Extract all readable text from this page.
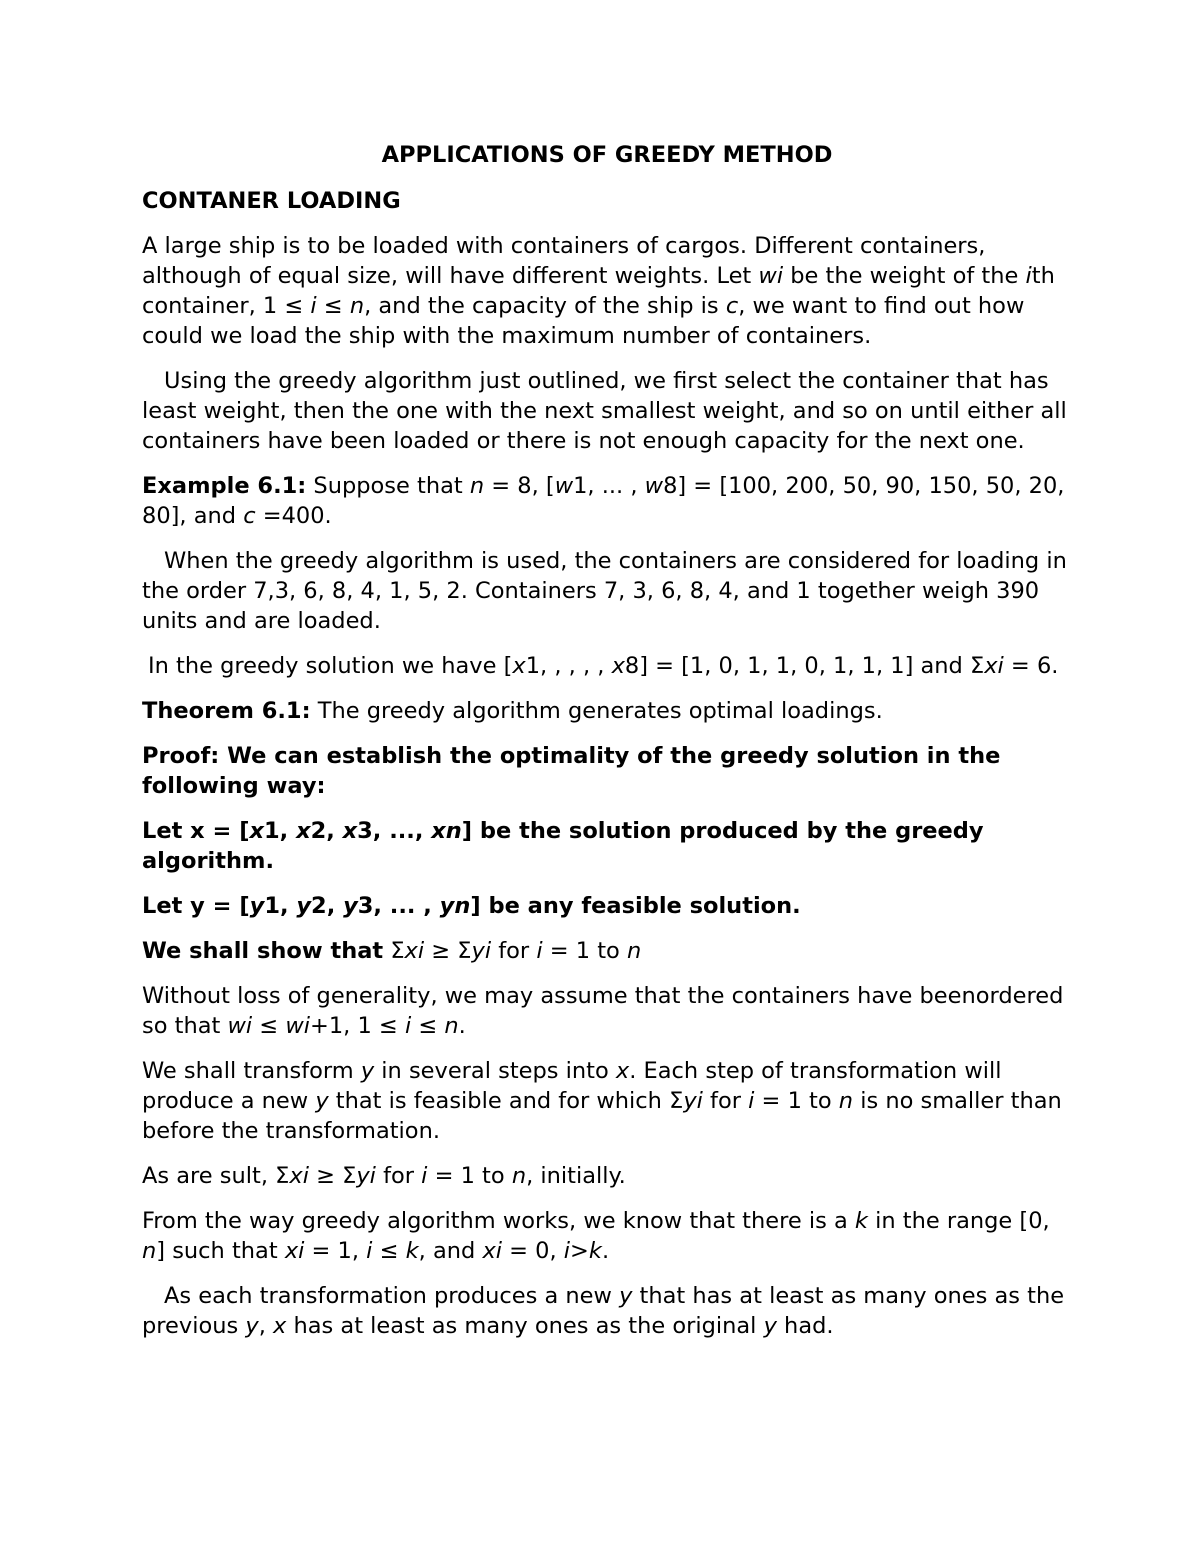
APPLICATIONS OF GREEDY METHOD
CONTANER LOADING

A large ship is to be loaded with containers of cargos. Different containers, although of equal size, will have different weights. Let wi be the weight of the ith container, 1 ≤ i ≤ n, and the capacity of the ship is c, we want to find out how could we load the ship with the maximum number of containers.

Using the greedy algorithm just outlined, we first select the container that has least weight, then the one with the next smallest weight, and so on until either all containers have been loaded or there is not enough capacity for the next one.

Example 6.1: Suppose that n = 8, [w1, ... , w8] = [100, 200, 50, 90, 150, 50, 20, 80], and c =400.

When the greedy algorithm is used, the containers are considered for loading in the order 7,3, 6, 8, 4, 1, 5, 2. Containers 7, 3, 6, 8, 4, and 1 together weigh 390 units and are loaded.

In the greedy solution we have [x1, , , , , x8] = [1, 0, 1, 1, 0, 1, 1, 1] and Σxi = 6.

Theorem 6.1: The greedy algorithm generates optimal loadings.

Proof: We can establish the optimality of the greedy solution in the following way:

Let x = [x1, x2, x3, ..., xn] be the solution produced by the greedy algorithm.

Let y = [y1, y2, y3, ... , yn] be any feasible solution.

We shall show that Σxi ≥ Σyi for i = 1 to n

Without loss of generality, we may assume that the containers have beenordered so that wi ≤ wi+1, 1 ≤ i ≤ n.

We shall transform y in several steps into x. Each step of transformation will produce a new y that is feasible and for which Σyi for i = 1 to n is no smaller than before the transformation.

As are sult, Σxi ≥ Σyi for i = 1 to n, initially.

From the way greedy algorithm works, we know that there is a k in the range [0, n] such that xi = 1, i ≤ k, and xi = 0, i>k.

As each transformation produces a new y that has at least as many ones as the previous y, x has at least as many ones as the original y had.
